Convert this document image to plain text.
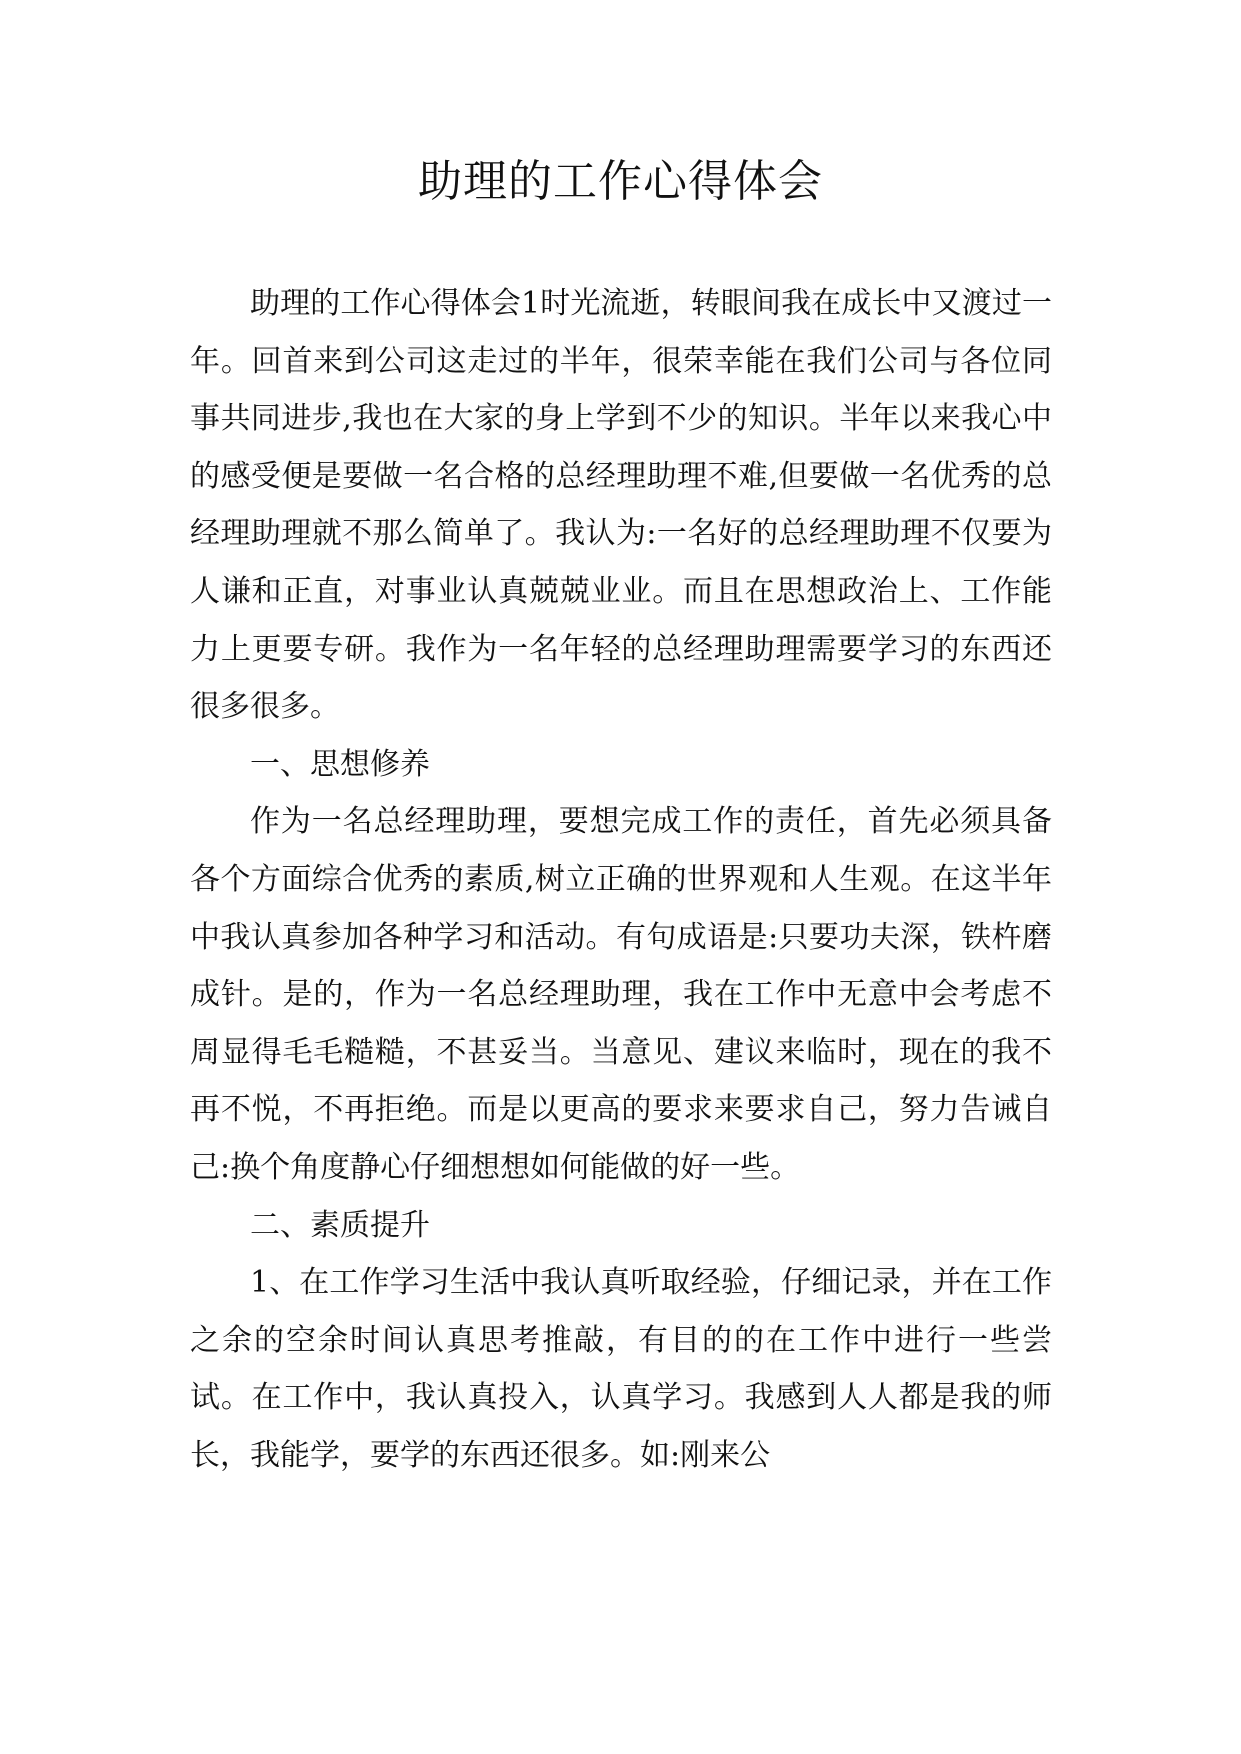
助理的工作心得体会

助理的工作心得体会1时光流逝，转眼间我在成长中又渡过一年。回首来到公司这走过的半年，很荣幸能在我们公司与各位同事共同进步,我也在大家的身上学到不少的知识。半年以来我心中的感受便是要做一名合格的总经理助理不难,但要做一名优秀的总经理助理就不那么简单了。我认为:一名好的总经理助理不仅要为人谦和正直，对事业认真兢兢业业。而且在思想政治上、工作能力上更要专研。我作为一名年轻的总经理助理需要学习的东西还很多很多。

一、思想修养

作为一名总经理助理，要想完成工作的责任，首先必须具备各个方面综合优秀的素质,树立正确的世界观和人生观。在这半年中我认真参加各种学习和活动。有句成语是:只要功夫深，铁杵磨成针。是的，作为一名总经理助理，我在工作中无意中会考虑不周显得毛毛糙糙，不甚妥当。当意见、建议来临时，现在的我不再不悦，不再拒绝。而是以更高的要求来要求自己，努力告诫自己:换个角度静心仔细想想如何能做的好一些。

二、素质提升

1、在工作学习生活中我认真听取经验，仔细记录，并在工作之余的空余时间认真思考推敲，有目的的在工作中进行一些尝试。在工作中，我认真投入，认真学习。我感到人人都是我的师长，我能学，要学的东西还很多。如:刚来公
